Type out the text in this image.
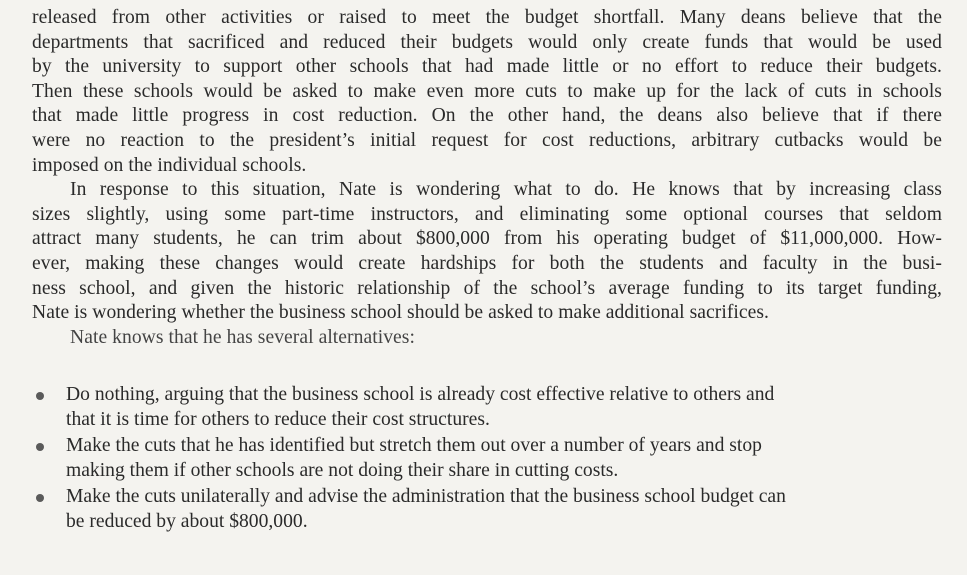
released from other activities or raised to meet the budget shortfall. Many deans believe that the
departments that sacrificed and reduced their budgets would only create funds that would be used
by the university to support other schools that had made little or no effort to reduce their budgets.
Then these schools would be asked to make even more cuts to make up for the lack of cuts in schools
that made little progress in cost reduction. On the other hand, the deans also believe that if there
were no reaction to the president’s initial request for cost reductions, arbitrary cutbacks would be
imposed on the individual schools.
In response to this situation, Nate is wondering what to do. He knows that by increasing class
sizes slightly, using some part-time instructors, and eliminating some optional courses that seldom
attract many students, he can trim about $800,000 from his operating budget of $11,000,000. How-
ever, making these changes would create hardships for both the students and faculty in the busi-
ness school, and given the historic relationship of the school’s average funding to its target funding,
Nate is wondering whether the business school should be asked to make additional sacrifices.
Nate knows that he has several alternatives:
Do nothing, arguing that the business school is already cost effective relative to others and
that it is time for others to reduce their cost structures.
Make the cuts that he has identified but stretch them out over a number of years and stop
making them if other schools are not doing their share in cutting costs.
Make the cuts unilaterally and advise the administration that the business school budget can
be reduced by about $800,000.
